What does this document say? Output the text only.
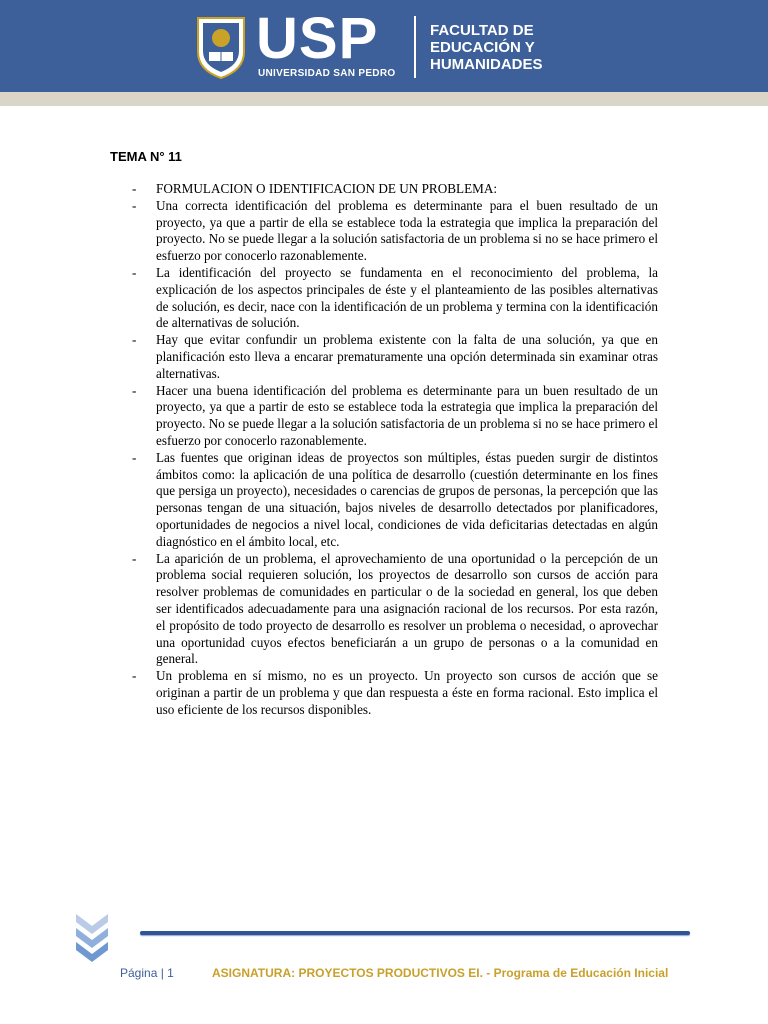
USP
UNIVERSIDAD SAN PEDRO
FACULTAD DE
EDUCACIÓN Y
HUMANIDADES
TEMA N° 11
- FORMULACION O IDENTIFICACION DE UN PROBLEMA:
- Una correcta identificación del problema es determinante para el buen resultado de un proyecto, ya que a partir de ella se establece toda la estrategia que implica la preparación del proyecto. No se puede llegar a la solución satisfactoria de un problema si no se hace primero el esfuerzo por conocerlo razonablemente.
- La identificación del proyecto se fundamenta en el reconocimiento del problema, la explicación de los aspectos principales de éste y el planteamiento de las posibles alternativas de solución, es decir, nace con la identificación de un problema y termina con la identificación de alternativas de solución.
- Hay que evitar confundir un problema existente con la falta de una solución, ya que en planificación esto lleva a encarar prematuramente una opción determinada sin examinar otras alternativas.
- Hacer una buena identificación del problema es determinante para un buen resultado de un proyecto, ya que a partir de esto se establece toda la estrategia que implica la preparación del proyecto. No se puede llegar a la solución satisfactoria de un problema si no se hace primero el esfuerzo por conocerlo razonablemente.
- Las fuentes que originan ideas de proyectos son múltiples, éstas pueden surgir de distintos ámbitos como: la aplicación de una política de desarrollo (cuestión determinante en los fines que persiga un proyecto), necesidades o carencias de grupos de personas, la percepción que las personas tengan de una situación, bajos niveles de desarrollo detectados por planificadores, oportunidades de negocios a nivel local, condiciones de vida deficitarias detectadas en algún diagnóstico en el ámbito local, etc.
- La aparición de un problema, el aprovechamiento de una oportunidad o la percepción de un problema social requieren solución, los proyectos de desarrollo son cursos de acción para resolver problemas de comunidades en particular o de la sociedad en general, los que deben ser identificados adecuadamente para una asignación racional de los recursos. Por esta razón, el propósito de todo proyecto de desarrollo es resolver un problema o necesidad, o aprovechar una oportunidad cuyos efectos beneficiarán a un grupo de personas o a la comunidad en general.
- Un problema en sí mismo, no es un proyecto. Un proyecto son cursos de acción que se originan a partir de un problema y que dan respuesta a éste en forma racional. Esto implica el uso eficiente de los recursos disponibles.
Página | 1	ASIGNATURA: PROYECTOS PRODUCTIVOS EI. - Programa de Educación Inicial
